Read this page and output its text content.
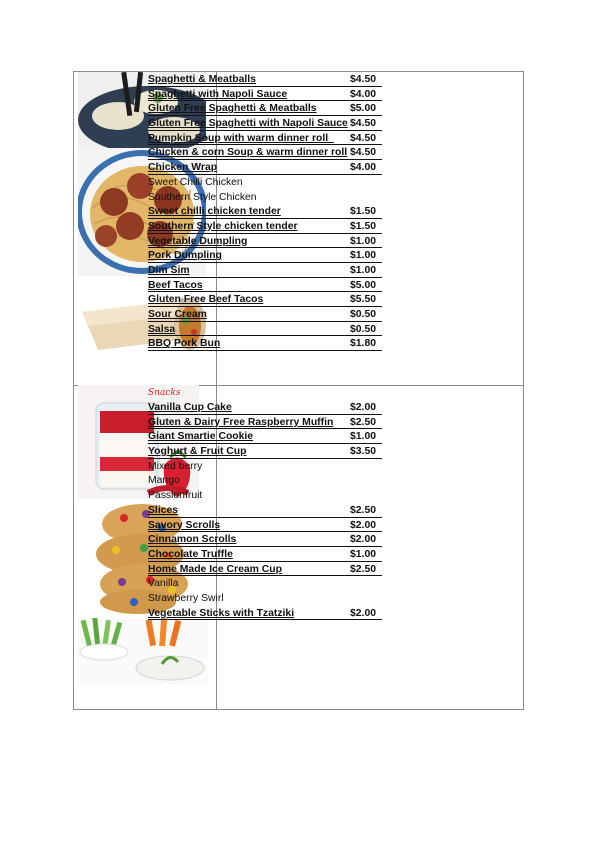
Spaghetti & Meatballs	$4.50
Spaghetti with Napoli Sauce	$4.00
Gluten Free Spaghetti & Meatballs	$5.00
Gluten Free Spaghetti with Napoli Sauce $4.50
Pumpkin Soup with warm dinner roll_ $4.50
Chicken & corn Soup & warm dinner roll $4.50
Chicken Wrap	$4.00
Sweet Chilli Chicken
Southern Style Chicken
Sweet chilli chicken tender	$1.50
Southern Style chicken tender	$1.50
Vegetable Dumpling	$1.00
Pork Dumpling	$1.00
Dim Sim	$1.00
Beef Tacos	$5.00
Gluten Free Beef Tacos	$5.50
Sour Cream	$0.50
Salsa	$0.50
BBQ Pork Bun	$1.80
Snacks
Vanilla Cup Cake	$2.00
Gluten & Dairy Free Raspberry Muffin $2.50
Giant Smartie Cookie	$1.00
Yoghurt & Fruit Cup	$3.50
Mixed berry
Mango
Passionfruit
Slices	$2.50
Savory Scrolls	$2.00
Cinnamon Scrolls	$2.00
Chocolate Truffle	$1.00
Home Made Ice Cream Cup	$2.50
Vanilla
Strawberry Swirl
Vegetable Sticks with Tzatziki	$2.00
